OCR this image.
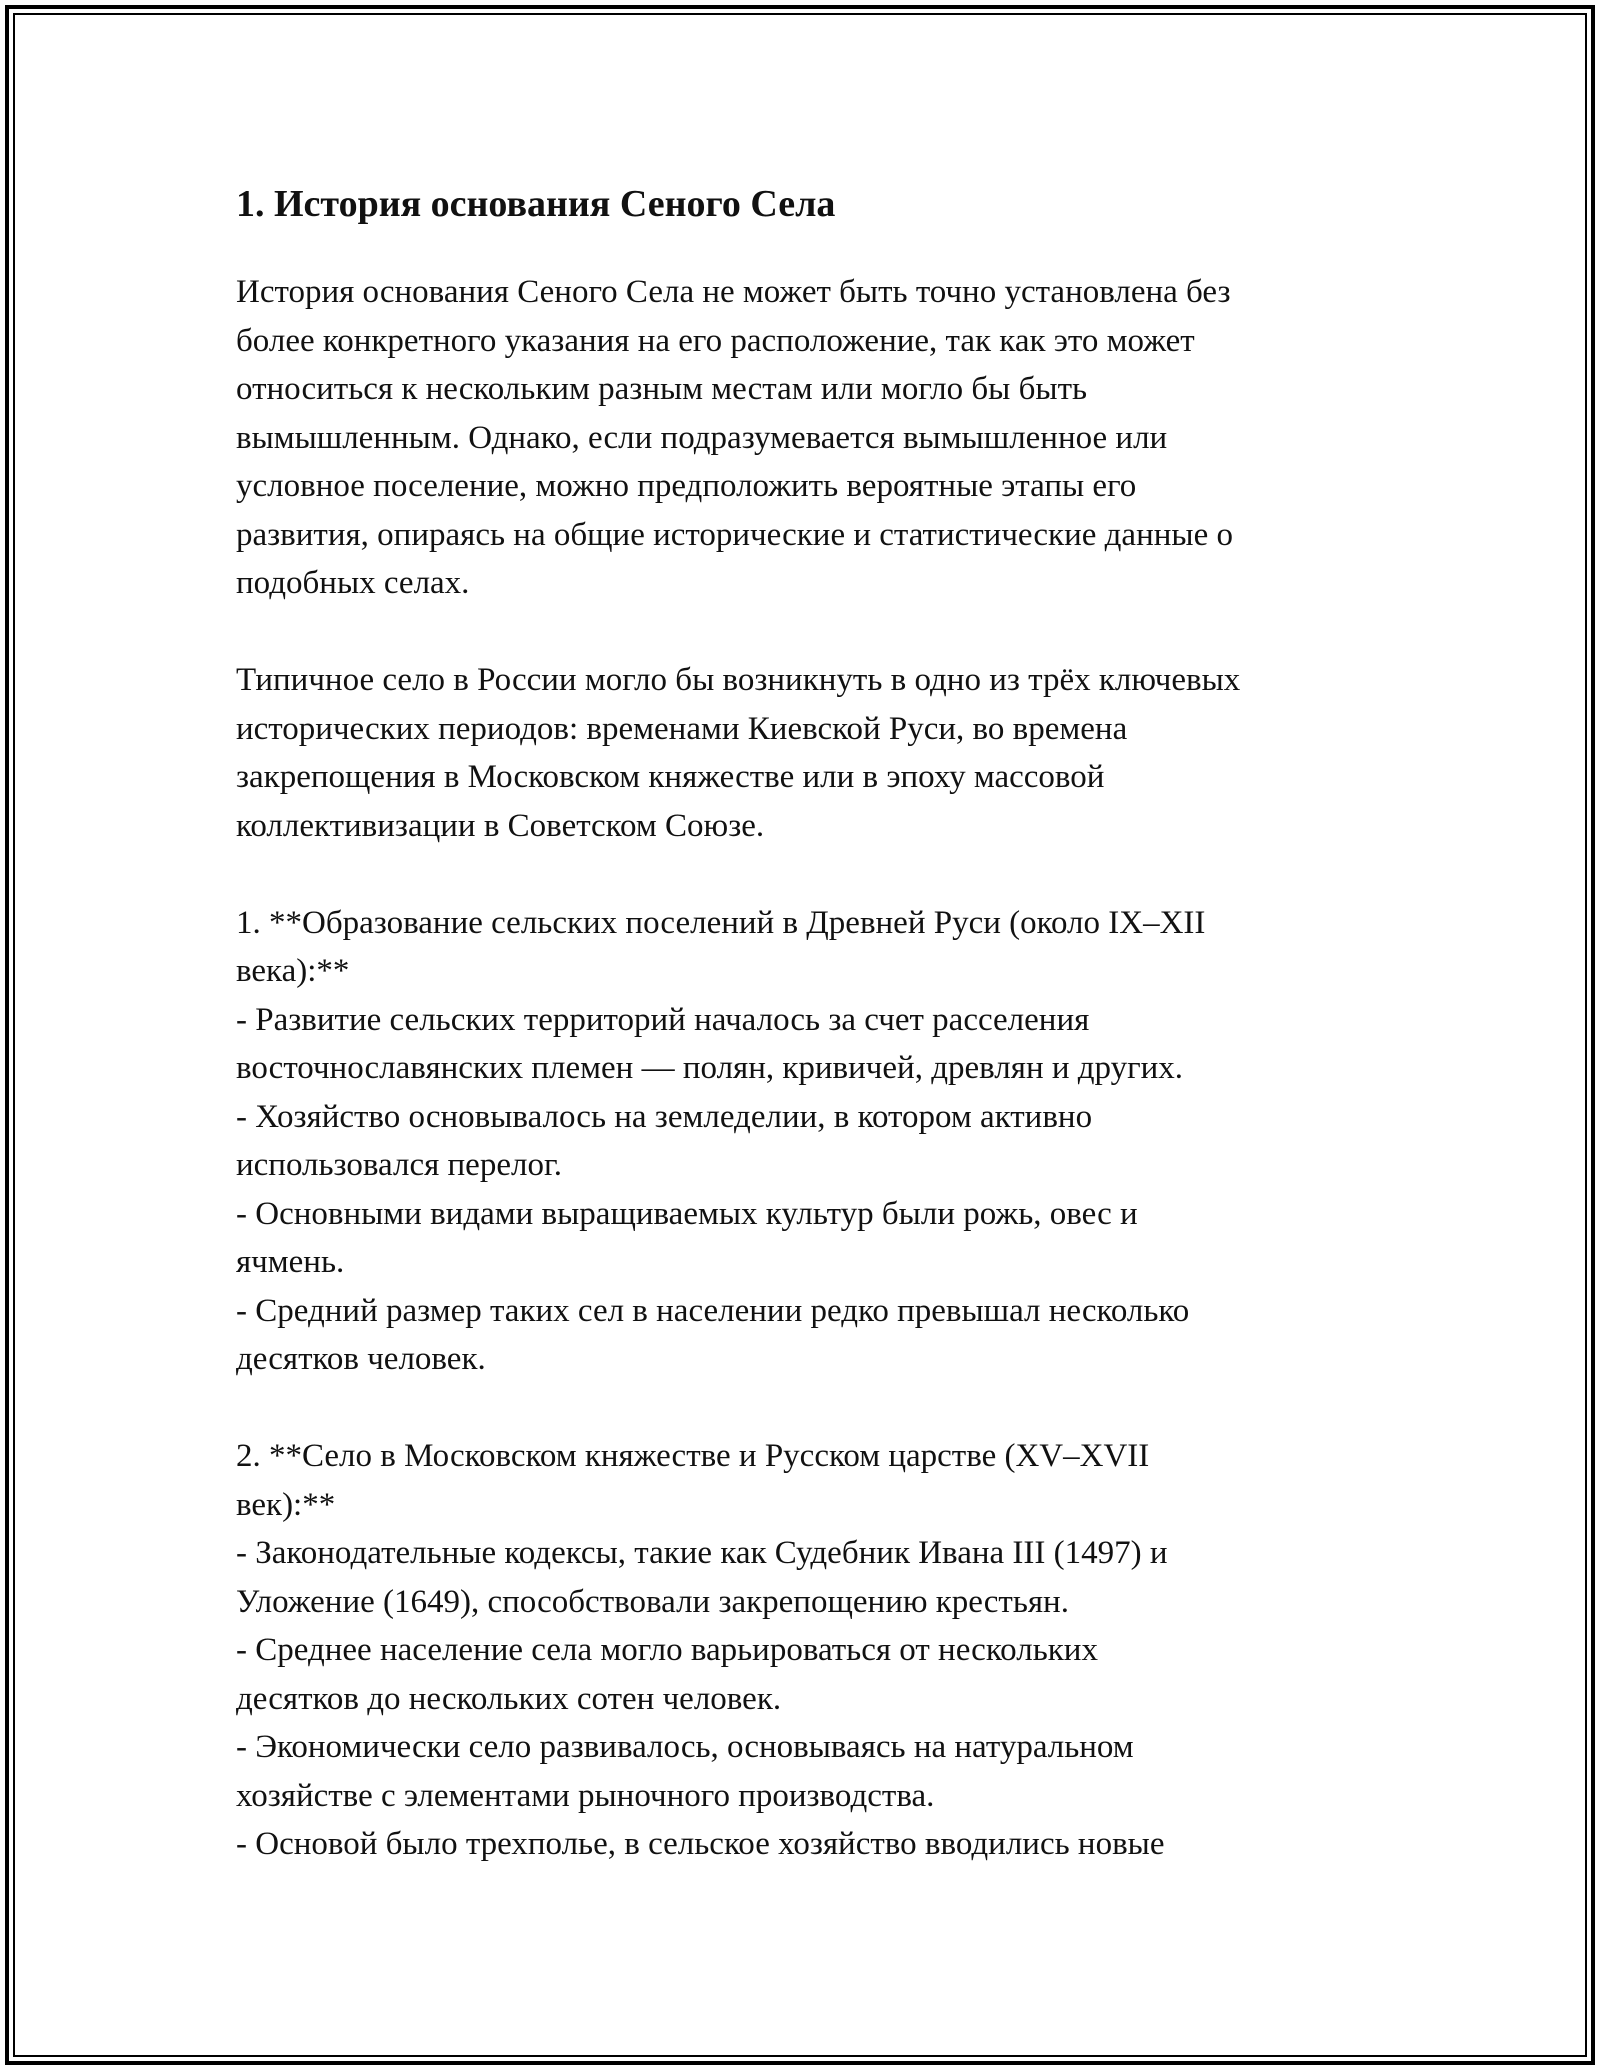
1. История основания Сеного Села

История основания Сеного Села не может быть точно установлена без
более конкретного указания на его расположение, так как это может
относиться к нескольким разным местам или могло бы быть
вымышленным. Однако, если подразумевается вымышленное или
условное поселение, можно предположить вероятные этапы его
развития, опираясь на общие исторические и статистические данные о
подобных селах.

Типичное село в России могло бы возникнуть в одно из трёх ключевых
исторических периодов: временами Киевской Руси, во времена
закрепощения в Московском княжестве или в эпоху массовой
коллективизации в Советском Союзе.

1. **Образование сельских поселений в Древней Руси (около IX–XII
века):**
- Развитие сельских территорий началось за счет расселения
восточнославянских племен — полян, кривичей, древлян и других.
- Хозяйство основывалось на земледелии, в котором активно
использовался перелог.
- Основными видами выращиваемых культур были рожь, овес и
ячмень.
- Средний размер таких сел в населении редко превышал несколько
десятков человек.

2. **Село в Московском княжестве и Русском царстве (XV–XVII
век):**
- Законодательные кодексы, такие как Судебник Ивана III (1497) и
Уложение (1649), способствовали закрепощению крестьян.
- Среднее население села могло варьироваться от нескольких
десятков до нескольких сотен человек.
- Экономически село развивалось, основываясь на натуральном
хозяйстве с элементами рыночного производства.
- Основой было трехполье, в сельское хозяйство вводились новые
